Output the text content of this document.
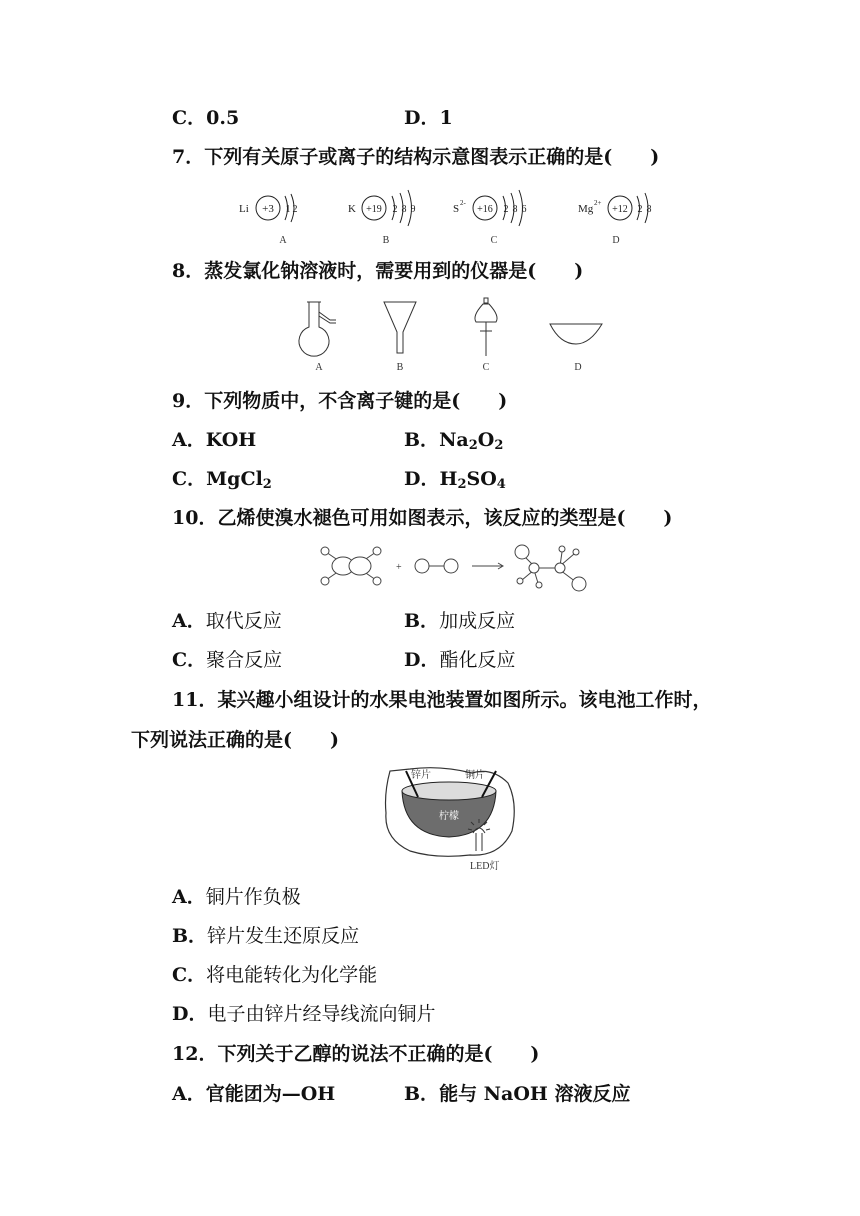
C．0.5	D．1
7．下列有关原子或离子的结构示意图表示正确的是(　　)
Li +3 1 2
A
K +19 2 8 9
B
S 2-
+16 2 8 6
C
Mg 2+
+12 2 8
D
8．蒸发氯化钠溶液时，需要用到的仪器是(　　)
A	B	C	D
9．下列物质中，不含离子键的是(　　)
A．KOH	B．$Na_2O_2$
C．MgCl$_2$	D．$H_2SO_4$
10．乙烯使溴水褪色可用如图表示，该反应的类型是(　　)
+
A．取代反应	B．加成反应
C．聚合反应	D．酯化反应
11．某兴趣小组设计的水果电池装置如图所示。该电池工作时，
下列说法正确的是(　　)
锌片	铜片
柠檬
LED灯
A．铜片作负极
B．锌片发生还原反应
C．将电能转化为化学能
D．电子由锌片经导线流向铜片
12．下列关于乙醇的说法不正确的是(　　)
A．官能团为—OH	B．能与 NaOH 溶液反应
